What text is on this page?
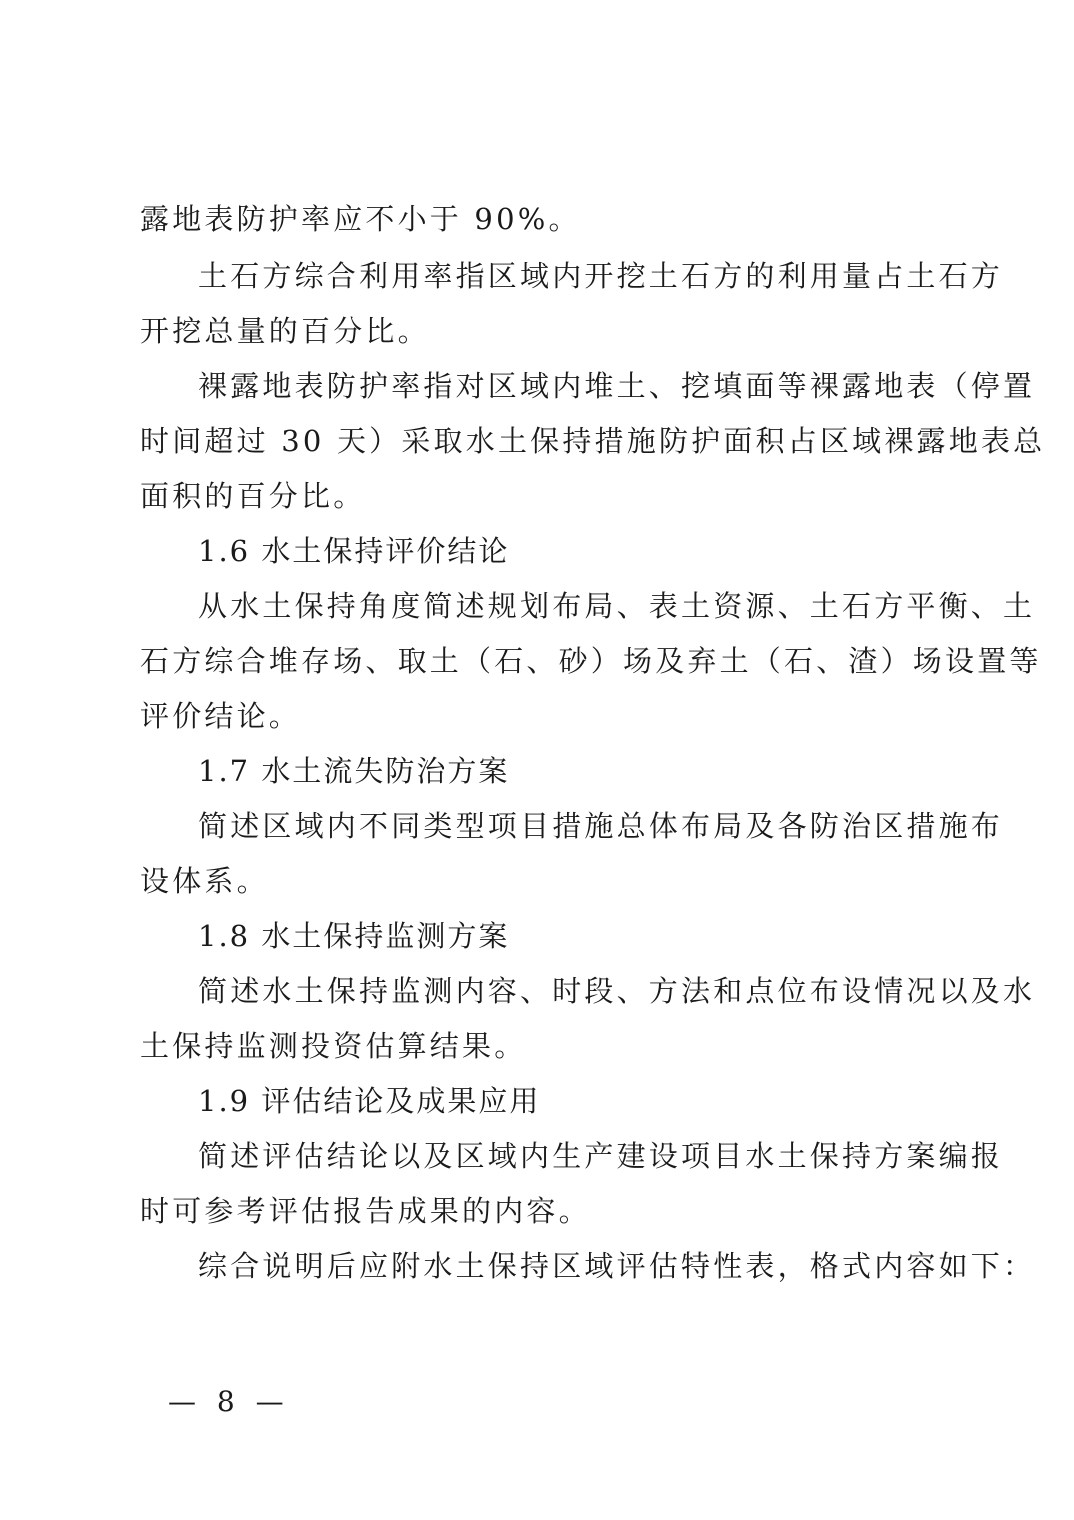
露地表防护率应不小于 90%。
土石方综合利用率指区域内开挖土石方的利用量占土石方
开挖总量的百分比。
裸露地表防护率指对区域内堆土、挖填面等裸露地表（停置
时间超过 30 天）采取水土保持措施防护面积占区域裸露地表总
面积的百分比。
1.6 水土保持评价结论
从水土保持角度简述规划布局、表土资源、土石方平衡、土
石方综合堆存场、取土（石、砂）场及弃土（石、渣）场设置等
评价结论。
1.7 水土流失防治方案
简述区域内不同类型项目措施总体布局及各防治区措施布
设体系。
1.8 水土保持监测方案
简述水土保持监测内容、时段、方法和点位布设情况以及水
土保持监测投资估算结果。
1.9 评估结论及成果应用
简述评估结论以及区域内生产建设项目水土保持方案编报
时可参考评估报告成果的内容。
综合说明后应附水土保持区域评估特性表，格式内容如下：
— 8 —
